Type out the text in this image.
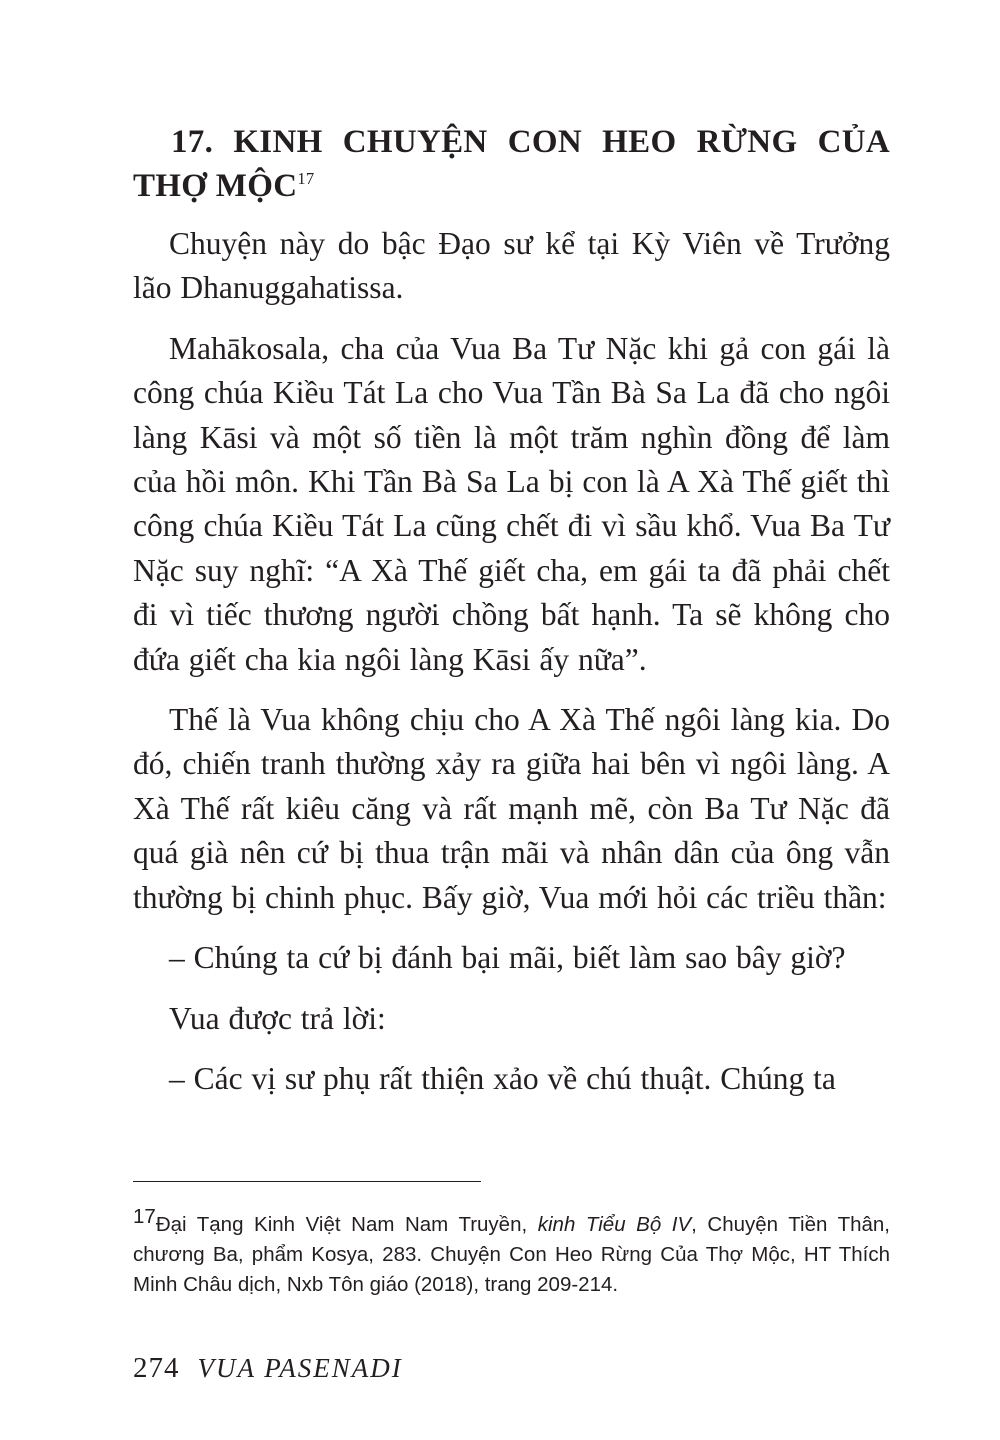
17. KINH CHUYỆN CON HEO RỪNG CỦA THỢ MỘC$^{17}$

Chuyện này do bậc Đạo sư kể tại Kỳ Viên về Trưởng lão Dhanuggahatissa.

Mahākosala, cha của Vua Ba Tư Nặc khi gả con gái là công chúa Kiều Tát La cho Vua Tần Bà Sa La đã cho ngôi làng Kāsi và một số tiền là một trăm nghìn đồng để làm của hồi môn. Khi Tần Bà Sa La bị con là A Xà Thế giết thì công chúa Kiều Tát La cũng chết đi vì sầu khổ. Vua Ba Tư Nặc suy nghĩ: “A Xà Thế giết cha, em gái ta đã phải chết đi vì tiếc thương người chồng bất hạnh. Ta sẽ không cho đứa giết cha kia ngôi làng Kāsi ấy nữa”.

Thế là Vua không chịu cho A Xà Thế ngôi làng kia. Do đó, chiến tranh thường xảy ra giữa hai bên vì ngôi làng. A Xà Thế rất kiêu căng và rất mạnh mẽ, còn Ba Tư Nặc đã quá già nên cứ bị thua trận mãi và nhân dân của ông vẫn thường bị chinh phục. Bấy giờ, Vua mới hỏi các triều thần:

– Chúng ta cứ bị đánh bại mãi, biết làm sao bây giờ?

Vua được trả lời:

– Các vị sư phụ rất thiện xảo về chú thuật. Chúng ta

$^{17}$Đại Tạng Kinh Việt Nam Nam Truyền, kinh Tiểu Bộ IV, Chuyện Tiền Thân, chương Ba, phẩm Kosya, 283. Chuyện Con Heo Rừng Của Thợ Mộc, HT Thích Minh Châu dịch, Nxb Tôn giáo (2018), trang 209-214.

274 VUA PASENADI
